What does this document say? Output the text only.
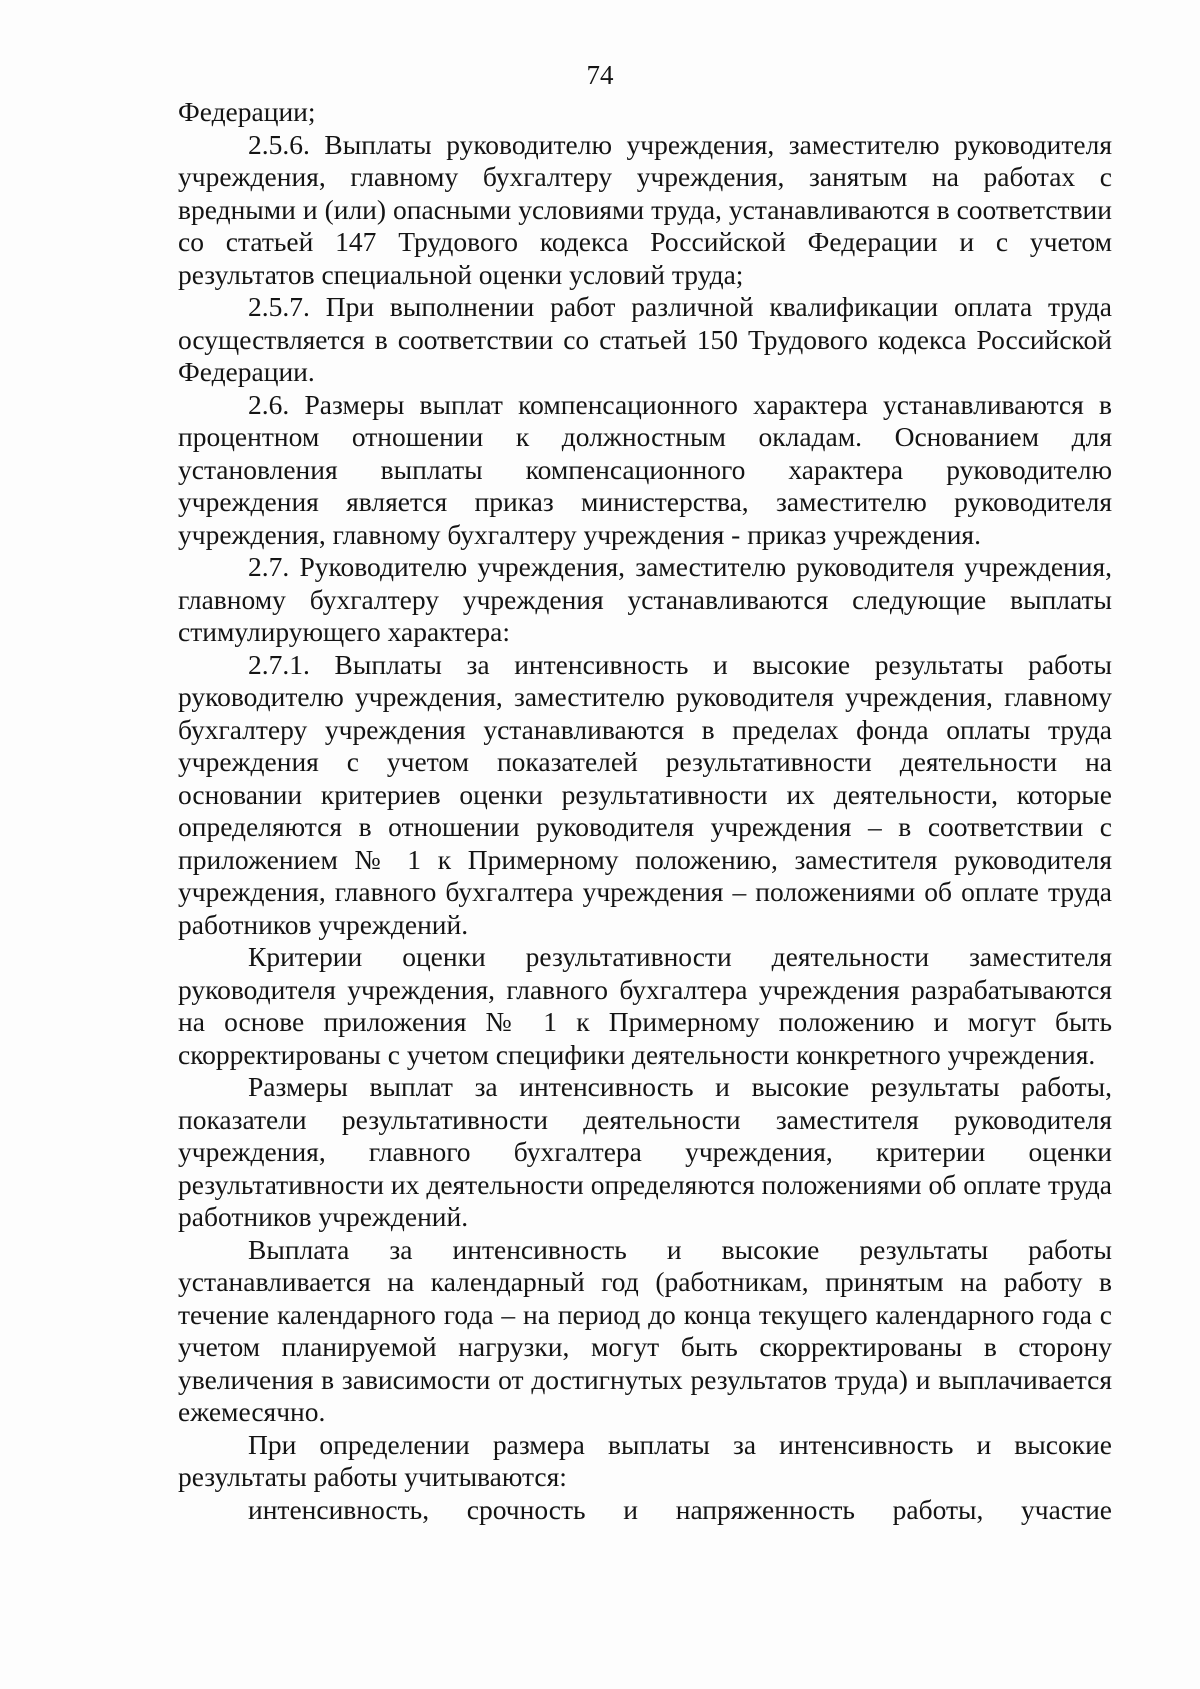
74

Федерации;

2.5.6. Выплаты руководителю учреждения, заместителю руководителя учреждения, главному бухгалтеру учреждения, занятым на работах с вредными и (или) опасными условиями труда, устанавливаются в соответствии со статьей 147 Трудового кодекса Российской Федерации и с учетом результатов специальной оценки условий труда;

2.5.7. При выполнении работ различной квалификации оплата труда осуществляется в соответствии со статьей 150 Трудового кодекса Российской Федерации.

2.6. Размеры выплат компенсационного характера устанавливаются в процентном отношении к должностным окладам. Основанием для установления выплаты компенсационного характера руководителю учреждения является приказ министерства, заместителю руководителя учреждения, главному бухгалтеру учреждения - приказ учреждения.

2.7. Руководителю учреждения, заместителю руководителя учреждения, главному бухгалтеру учреждения устанавливаются следующие выплаты стимулирующего характера:

2.7.1. Выплаты за интенсивность и высокие результаты работы руководителю учреждения, заместителю руководителя учреждения, главному бухгалтеру учреждения устанавливаются в пределах фонда оплаты труда учреждения с учетом показателей результативности деятельности на основании критериев оценки результативности их деятельности, которые определяются в отношении руководителя учреждения – в соответствии с приложением № 1 к Примерному положению, заместителя руководителя учреждения, главного бухгалтера учреждения – положениями об оплате труда работников учреждений.

Критерии оценки результативности деятельности заместителя руководителя учреждения, главного бухгалтера учреждения разрабатываются на основе приложения № 1 к Примерному положению и могут быть скорректированы с учетом специфики деятельности конкретного учреждения.

Размеры выплат за интенсивность и высокие результаты работы, показатели результативности деятельности заместителя руководителя учреждения, главного бухгалтера учреждения, критерии оценки результативности их деятельности определяются положениями об оплате труда работников учреждений.

Выплата за интенсивность и высокие результаты работы устанавливается на календарный год (работникам, принятым на работу в течение календарного года – на период до конца текущего календарного года с учетом планируемой нагрузки, могут быть скорректированы в сторону увеличения в зависимости от достигнутых результатов труда) и выплачивается ежемесячно.

При определении размера выплаты за интенсивность и высокие результаты работы учитываются:

интенсивность, срочность и напряженность работы, участие
